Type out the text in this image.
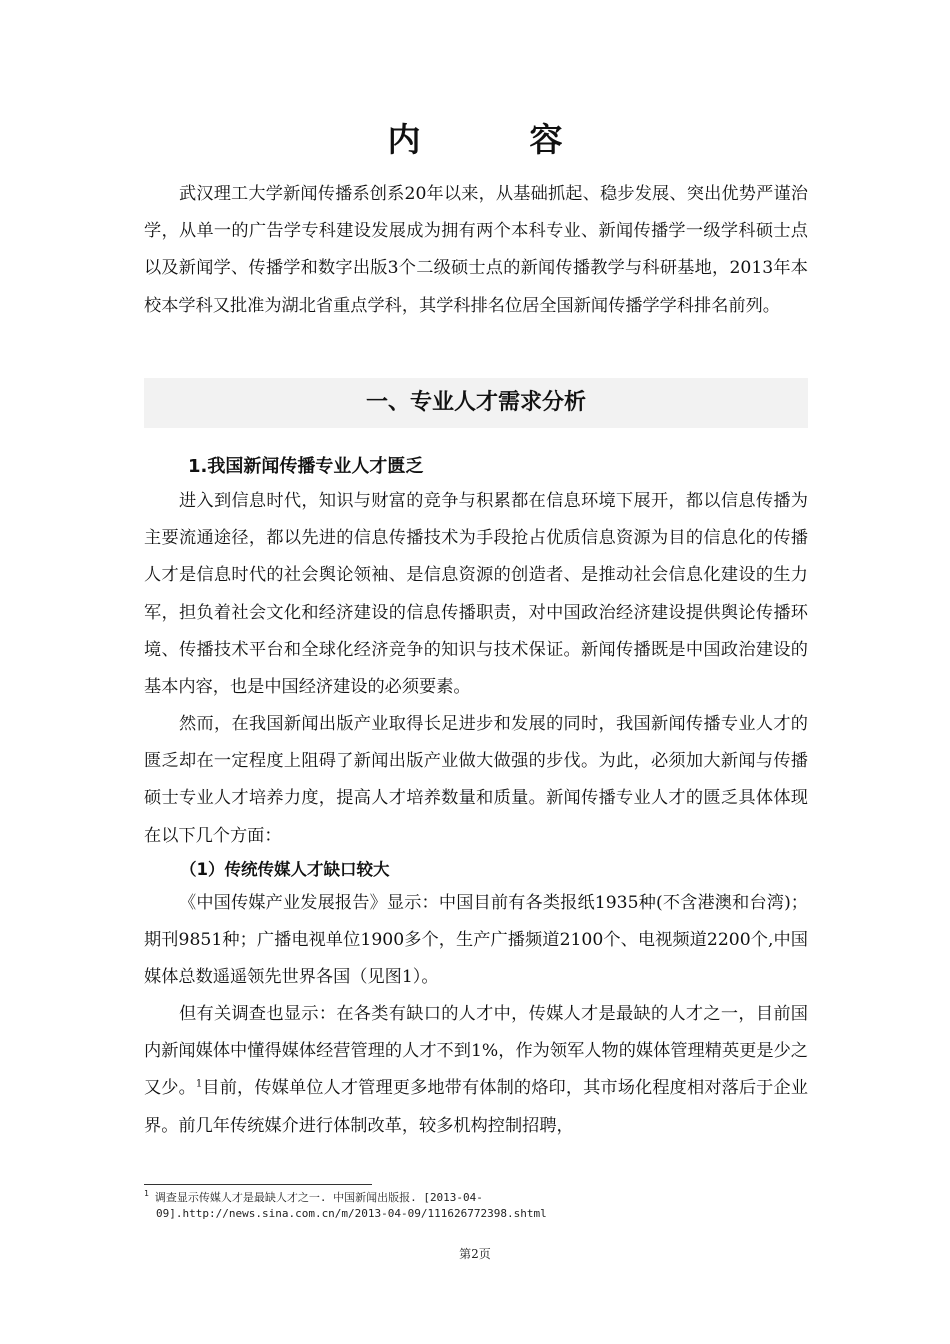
内　容

武汉理工大学新闻传播系创系20年以来，从基础抓起、稳步发展、突出优势严谨治学，从单一的广告学专科建设发展成为拥有两个本科专业、新闻传播学一级学科硕士点以及新闻学、传播学和数字出版3个二级硕士点的新闻传播教学与科研基地，2013年本校本学科又批准为湖北省重点学科，其学科排名位居全国新闻传播学学科排名前列。

一、专业人才需求分析
1.我国新闻传播专业人才匮乏

进入到信息时代，知识与财富的竞争与积累都在信息环境下展开，都以信息传播为主要流通途径，都以先进的信息传播技术为手段抢占优质信息资源为目的信息化的传播人才是信息时代的社会舆论领袖、是信息资源的创造者、是推动社会信息化建设的生力军，担负着社会文化和经济建设的信息传播职责，对中国政治经济建设提供舆论传播环境、传播技术平台和全球化经济竞争的知识与技术保证。新闻传播既是中国政治建设的基本内容，也是中国经济建设的必须要素。

然而，在我国新闻出版产业取得长足进步和发展的同时，我国新闻传播专业人才的匮乏却在一定程度上阻碍了新闻出版产业做大做强的步伐。为此，必须加大新闻与传播硕士专业人才培养力度，提高人才培养数量和质量。新闻传播专业人才的匮乏具体体现在以下几个方面：

（1）传统传媒人才缺口较大

《中国传媒产业发展报告》显示：中国目前有各类报纸1935种(不含港澳和台湾)；期刊9851种；广播电视单位1900多个，生产广播频道2100个、电视频道2200个,中国媒体总数遥遥领先世界各国（见图1）。

但有关调查也显示：在各类有缺口的人才中，传媒人才是最缺的人才之一，目前国内新闻媒体中懂得媒体经营管理的人才不到1%，作为领军人物的媒体管理精英更是少之又少。$^1$目前，传媒单位人才管理更多地带有体制的烙印，其市场化程度相对落后于企业界。前几年传统媒介进行体制改革，较多机构控制招聘，

$^1$ 调查显示传媒人才是最缺人才之一. 中国新闻出版报. [2013-04-
09].http://news.sina.com.cn/m/2013-04-09/111626772398.shtml
第2页
